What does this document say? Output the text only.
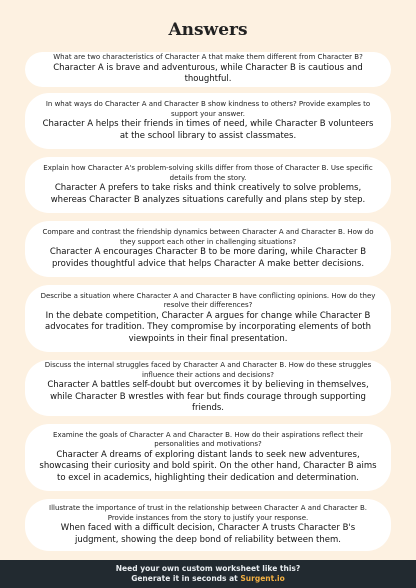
Answers
What are two characteristics of Character A that make them different from Character B?
Character A is brave and adventurous, while Character B is cautious and thoughtful.
In what ways do Character A and Character B show kindness to others? Provide examples to support your answer.
Character A helps their friends in times of need, while Character B volunteers at the school library to assist classmates.
Explain how Character A's problem-solving skills differ from those of Character B. Use specific details from the story.
Character A prefers to take risks and think creatively to solve problems, whereas Character B analyzes situations carefully and plans step by step.
Compare and contrast the friendship dynamics between Character A and Character B. How do they support each other in challenging situations?
Character A encourages Character B to be more daring, while Character B provides thoughtful advice that helps Character A make better decisions.
Describe a situation where Character A and Character B have conflicting opinions. How do they resolve their differences?
In the debate competition, Character A argues for change while Character B advocates for tradition. They compromise by incorporating elements of both viewpoints in their final presentation.
Discuss the internal struggles faced by Character A and Character B. How do these struggles influence their actions and decisions?
Character A battles self-doubt but overcomes it by believing in themselves, while Character B wrestles with fear but finds courage through supporting friends.
Examine the goals of Character A and Character B. How do their aspirations reflect their personalities and motivations?
Character A dreams of exploring distant lands to seek new adventures, showcasing their curiosity and bold spirit. On the other hand, Character B aims to excel in academics, highlighting their dedication and determination.
Illustrate the importance of trust in the relationship between Character A and Character B. Provide instances from the story to justify your response.
When faced with a difficult decision, Character A trusts Character B's judgment, showing the deep bond of reliability between them.
Need your own custom worksheet like this?
Generate it in seconds at Surgent.io
